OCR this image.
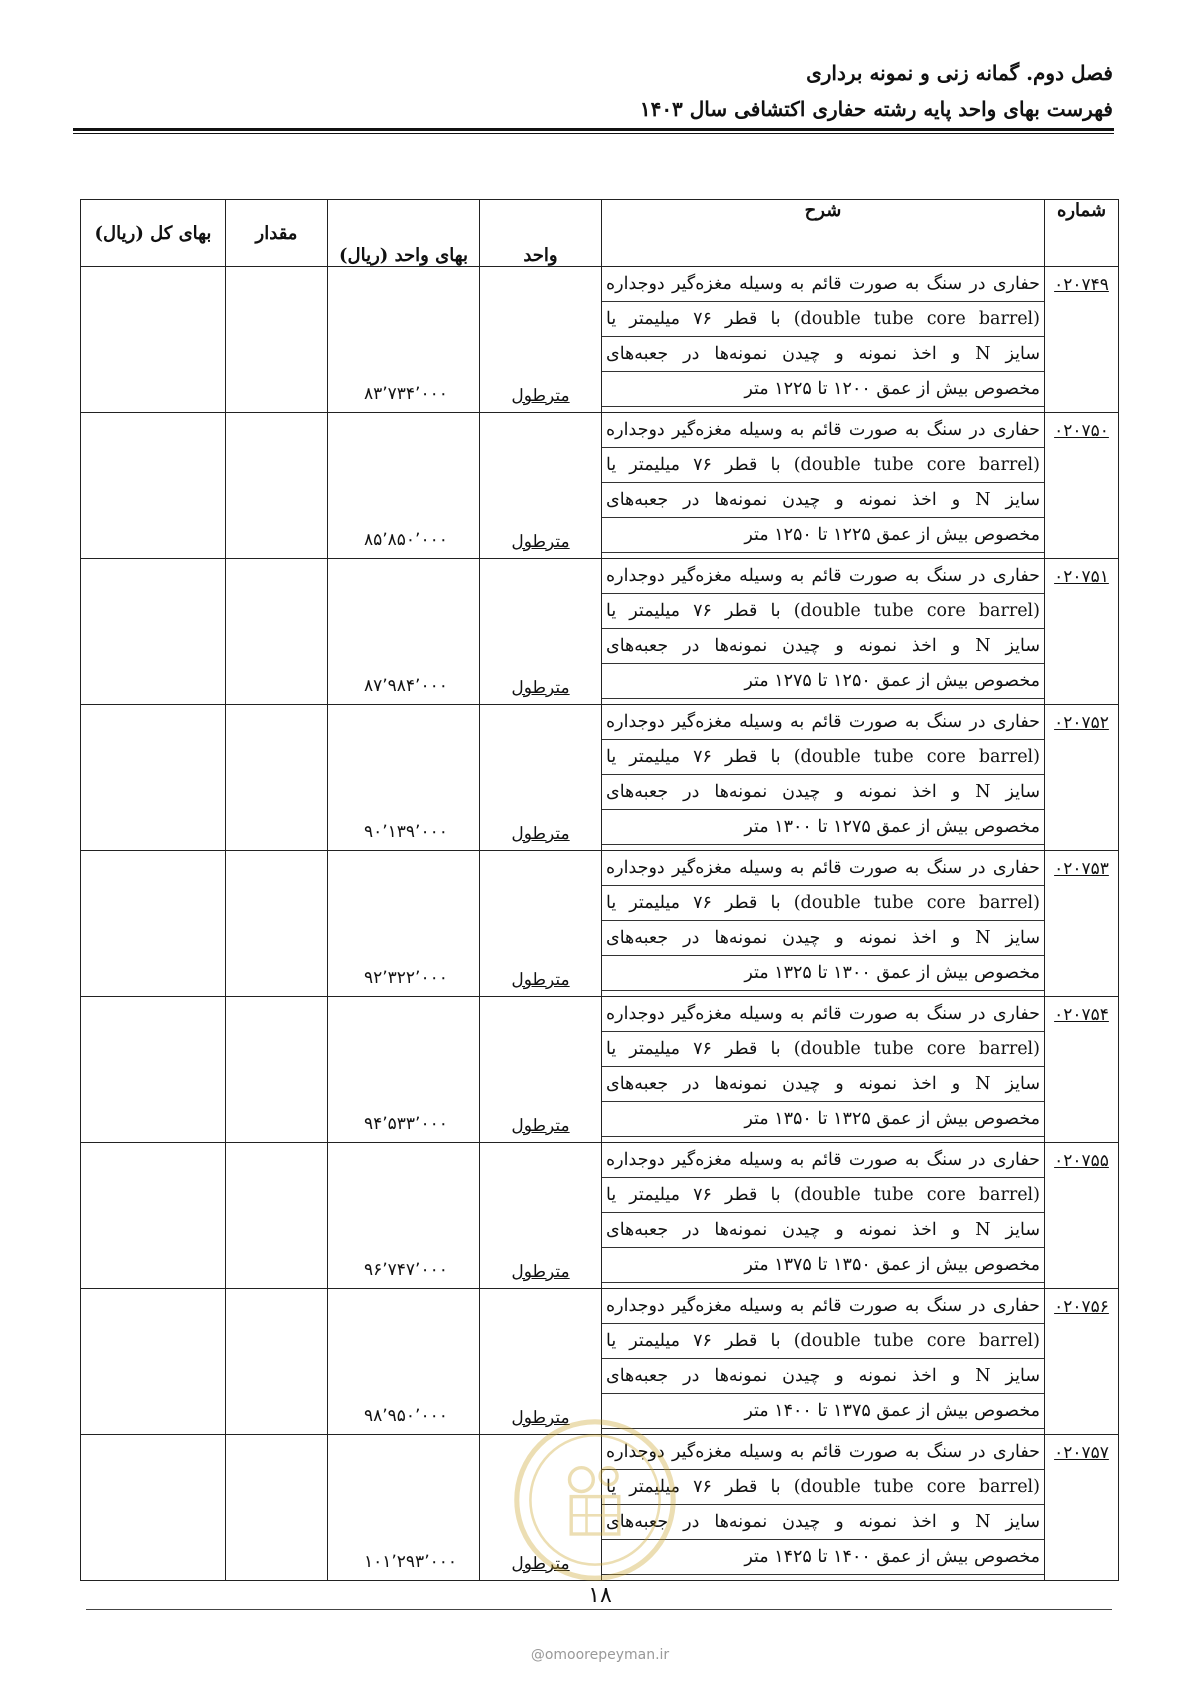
فصل دوم. گمانه زنی و نمونه برداری
فهرست بهای واحد پایه رشته حفاری اکتشافی سال ۱۴۰۳
شماره	شرح	واحد	بهای واحد (ریال)	مقدار	بهای کل (ریال)
۰۲۰۷۴۹	حفاری در سنگ به صورت قائم به وسیله مغزه‌گیر دوجداره
(double tube core barrel) با قطر ۷۶ میلیمتر یا
سایز N و اخذ نمونه و چیدن نمونه‌ها در جعبه‌های
مخصوص بیش از عمق ۱۲۰۰ تا ۱۲۲۵ متر	مترطول	۸۳٬۷۳۴٬۰۰۰		
۰۲۰۷۵۰	حفاری در سنگ به صورت قائم به وسیله مغزه‌گیر دوجداره
(double tube core barrel) با قطر ۷۶ میلیمتر یا
سایز N و اخذ نمونه و چیدن نمونه‌ها در جعبه‌های
مخصوص بیش از عمق ۱۲۲۵ تا ۱۲۵۰ متر	مترطول	۸۵٬۸۵۰٬۰۰۰		
۰۲۰۷۵۱	حفاری در سنگ به صورت قائم به وسیله مغزه‌گیر دوجداره
(double tube core barrel) با قطر ۷۶ میلیمتر یا
سایز N و اخذ نمونه و چیدن نمونه‌ها در جعبه‌های
مخصوص بیش از عمق ۱۲۵۰ تا ۱۲۷۵ متر	مترطول	۸۷٬۹۸۴٬۰۰۰		
۰۲۰۷۵۲	حفاری در سنگ به صورت قائم به وسیله مغزه‌گیر دوجداره
(double tube core barrel) با قطر ۷۶ میلیمتر یا
سایز N و اخذ نمونه و چیدن نمونه‌ها در جعبه‌های
مخصوص بیش از عمق ۱۲۷۵ تا ۱۳۰۰ متر	مترطول	۹۰٬۱۳۹٬۰۰۰		
۰۲۰۷۵۳	حفاری در سنگ به صورت قائم به وسیله مغزه‌گیر دوجداره
(double tube core barrel) با قطر ۷۶ میلیمتر یا
سایز N و اخذ نمونه و چیدن نمونه‌ها در جعبه‌های
مخصوص بیش از عمق ۱۳۰۰ تا ۱۳۲۵ متر	مترطول	۹۲٬۳۲۲٬۰۰۰		
۰۲۰۷۵۴	حفاری در سنگ به صورت قائم به وسیله مغزه‌گیر دوجداره
(double tube core barrel) با قطر ۷۶ میلیمتر یا
سایز N و اخذ نمونه و چیدن نمونه‌ها در جعبه‌های
مخصوص بیش از عمق ۱۳۲۵ تا ۱۳۵۰ متر	مترطول	۹۴٬۵۳۳٬۰۰۰		
۰۲۰۷۵۵	حفاری در سنگ به صورت قائم به وسیله مغزه‌گیر دوجداره
(double tube core barrel) با قطر ۷۶ میلیمتر یا
سایز N و اخذ نمونه و چیدن نمونه‌ها در جعبه‌های
مخصوص بیش از عمق ۱۳۵۰ تا ۱۳۷۵ متر	مترطول	۹۶٬۷۴۷٬۰۰۰		
۰۲۰۷۵۶	حفاری در سنگ به صورت قائم به وسیله مغزه‌گیر دوجداره
(double tube core barrel) با قطر ۷۶ میلیمتر یا
سایز N و اخذ نمونه و چیدن نمونه‌ها در جعبه‌های
مخصوص بیش از عمق ۱۳۷۵ تا ۱۴۰۰ متر	مترطول	۹۸٬۹۵۰٬۰۰۰		
۰۲۰۷۵۷	حفاری در سنگ به صورت قائم به وسیله مغزه‌گیر دوجداره
(double tube core barrel) با قطر ۷۶ میلیمتر یا
سایز N و اخذ نمونه و چیدن نمونه‌ها در جعبه‌های
مخصوص بیش از عمق ۱۴۰۰ تا ۱۴۲۵ متر	مترطول	۱۰۱٬۲۹۳٬۰۰۰		
۱۸
@omoorepeyman.ir
